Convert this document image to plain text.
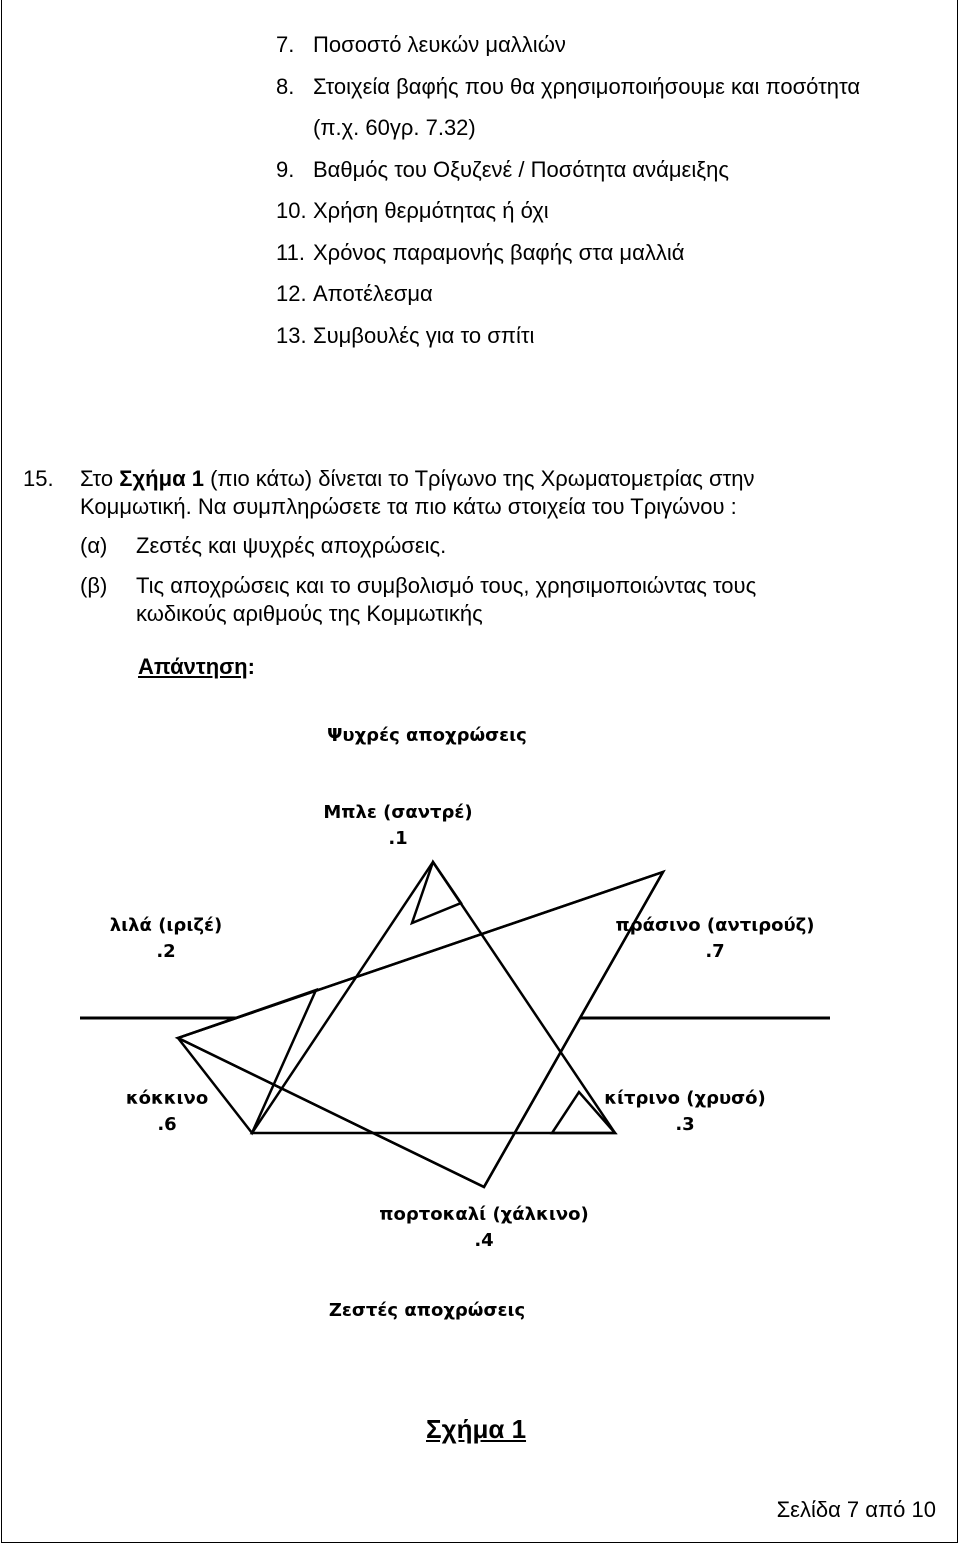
7. Ποσοστό λευκών μαλλιών
8. Στοιχεία βαφής που θα χρησιμοποιήσουμε και ποσότητα
(π.χ. 60γρ. 7.32)
9. Βαθμός του Οξυζενέ / Ποσότητα ανάμειξης
10. Χρήση θερμότητας ή όχι
11. Χρόνος παραμονής βαφής στα μαλλιά
12. Αποτέλεσμα
13. Συμβουλές για το σπίτι
15. Στο Σχήμα 1 (πιο κάτω) δίνεται το Τρίγωνο της Χρωματομετρίας στην
Κομμωτική. Να συμπληρώσετε τα πιο κάτω στοιχεία του Τριγώνου :
(α) Ζεστές και ψυχρές αποχρώσεις.
(β) Τις αποχρώσεις και το συμβολισμό τους, χρησιμοποιώντας τους
κωδικούς αριθμούς της Κομμωτικής
Απάντηση:
Ψυχρές αποχρώσεις
Μπλε (σαντρέ)
.1
λιλά (ιριζέ)
.2
πράσινο (αντιρούζ)
.7
κόκκινο
.6
κίτρινο (χρυσό)
.3
πορτοκαλί (χάλκινο)
.4
Ζεστές αποχρώσεις
Σχήμα 1
Σελίδα 7 από 10
